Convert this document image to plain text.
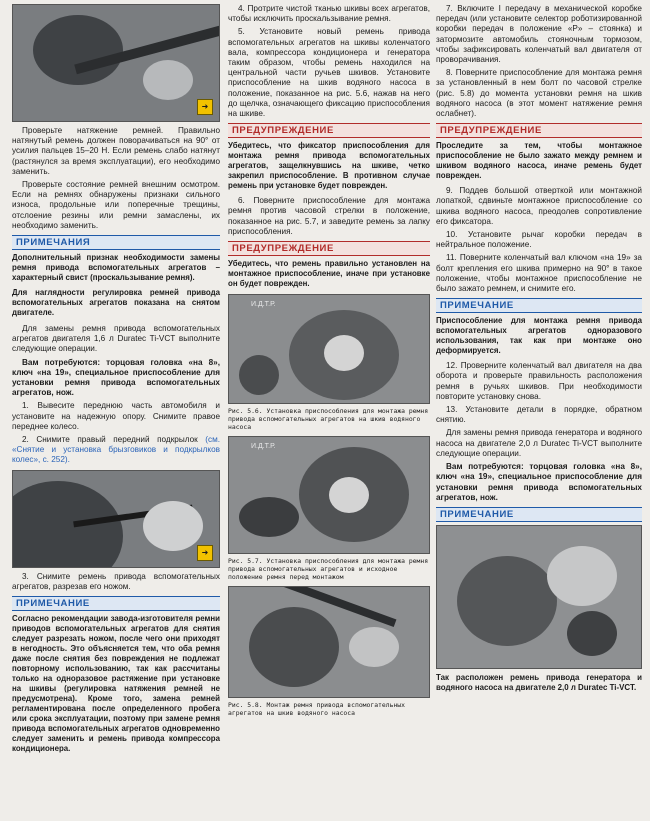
➜

Проверьте натяжение ремней. Правильно натянутый ремень должен поворачиваться на 90° от усилия пальцев 15–20 Н. Если ремень слабо натянут (растянулся за время эксплуатации), его необходимо заменить.

Проверьте состояние ремней внешним осмотром. Если на ремнях обнаружены признаки сильного износа, продольные или поперечные трещины, отслоение резины или ремни замаслены, их необходимо заменить.

ПРИМЕЧАНИЯ
Дополнительный признак необходимости замены ремня привода вспомогательных агрегатов – характерный свист (проскальзывание ремня).
Для наглядности регулировка ремней привода вспомогательных агрегатов показана на снятом двигателе.

Для замены ремня привода вспомогательных агрегатов двигателя 1,6 л Duratec Ti-VCT выполните следующие операции.

Вам потребуются: торцовая головка «на 8», ключ «на 19», специальное приспособление для установки ремня привода вспомогательных агрегатов, нож.

1. Вывесите переднюю часть автомобиля и установите на надежную опору. Снимите правое переднее колесо.

2. Снимите правый передний подкрылок (см. «Снятие и установка брызговиков и подкрылков колес», с. 252).

➜

3. Снимите ремень привода вспомогательных агрегатов, разрезав его ножом.

ПРИМЕЧАНИЕ
Согласно рекомендации завода-изготовителя ремни приводов вспомогательных агрегатов для снятия следует разрезать ножом, после чего они приходят в негодность. Это объясняется тем, что оба ремня даже после снятия без повреждения не подлежат повторному использованию, так как рассчитаны только на одноразовое растяжение при установке на шкивы (регулировка натяжения ремней не предусмотрена). Кроме того, замена ремней регламентирована после определенного пробега или срока эксплуатации, поэтому при замене ремня привода вспомогательных агрегатов одновременно следует заменить и ремень привода компрессора кондиционера.

4. Протрите чистой тканью шкивы всех агрегатов, чтобы исключить проскальзывание ремня.

5. Установите новый ремень привода вспомогательных агрегатов на шкивы коленчатого вала, компрессора кондиционера и генератора таким образом, чтобы ремень находился на центральной части ручьев шкивов. Установите приспособление на шкив водяного насоса в положение, показанное на рис. 5.6, нажав на него до щелчка, означающего фиксацию приспособления на шкиве.

ПРЕДУПРЕЖДЕНИЕ
Убедитесь, что фиксатор приспособления для монтажа ремня привода вспомогательных агрегатов, защелкнувшись на шкиве, четко закрепил приспособление. В противном случае ремень при установке будет поврежден.

6. Поверните приспособление для монтажа ремня против часовой стрелки в положение, показанное на рис. 5.7, и заведите ремень за лапку приспособления.

ПРЕДУПРЕЖДЕНИЕ
Убедитесь, что ремень правильно установлен на монтажное приспособление, иначе при установке он будет поврежден.
И.Д.Т.Р.
Рис. 5.6. Установка приспособления для монтажа ремня привода вспомогательных агрегатов на шкив водяного насоса
И.Д.Т.Р.
Рис. 5.7. Установка приспособления для монтажа ремня привода вспомогательных агрегатов и исходное положение ремня перед монтажом
Рис. 5.8. Монтаж ремня привода вспомогательных агрегатов на шкив водяного насоса

7. Включите I передачу в механической коробке передач (или установите селектор роботизированной коробки передач в положение «P» – стоянка) и затормозите автомобиль стояночным тормозом, чтобы зафиксировать коленчатый вал двигателя от проворачивания.

8. Поверните приспособление для монтажа ремня за установленный в нем болт по часовой стрелке (рис. 5.8) до момента установки ремня на шкив водяного насоса (в этот момент натяжение ремня ослабнет).

ПРЕДУПРЕЖДЕНИЕ
Проследите за тем, чтобы монтажное приспособление не было зажато между ремнем и шкивом водяного насоса, иначе ремень будет поврежден.

9. Поддев большой отверткой или монтажной лопаткой, сдвиньте монтажное приспособление со шкива водяного насоса, преодолев сопротивление его фиксатора.

10. Установите рычаг коробки передач в нейтральное положение.

11. Поверните коленчатый вал ключом «на 19» за болт крепления его шкива примерно на 90° в такое положение, чтобы монтажное приспособление не было зажато ремнем, и снимите его.

ПРИМЕЧАНИЕ
Приспособление для монтажа ремня привода вспомогательных агрегатов одноразового использования, так как при монтаже оно деформируется.

12. Проверните коленчатый вал двигателя на два оборота и проверьте правильность расположения ремня в ручьях шкивов. При необходимости повторите установку снова.

13. Установите детали в порядке, обратном снятию.

Для замены ремня привода генератора и водяного насоса на двигателе 2,0 л Duratec Ti-VCT выполните следующие операции.

Вам потребуются: торцовая головка «на 8», ключ «на 19», специальное приспособление для установки ремня привода вспомогательных агрегатов, нож.

ПРИМЕЧАНИЕ
Так расположен ремень привода генератора и водяного насоса на двигателе 2,0 л Duratec Ti-VCT.
